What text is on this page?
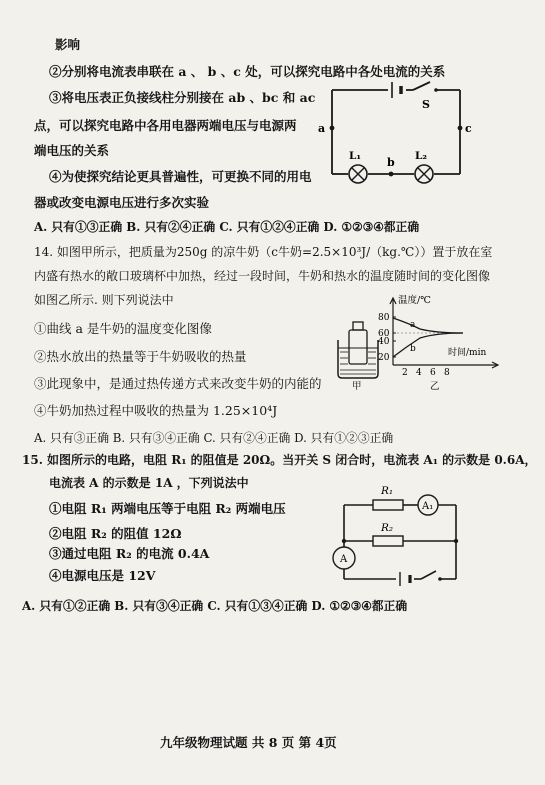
影响
②分别将电流表串联在 a 、 b 、c 处，可以探究电路中各处电流的关系
③将电压表正负接线柱分别接在 ab 、bc 和 ac
点，可以探究电路中各用电器两端电压与电源两
端电压的关系
④为使探究结论更具普遍性，可更换不同的用电
器或改变电源电压进行多次实验
A. 只有①③正确 B. 只有②④正确 C. 只有①②④正确 D. ①②③④都正确
14. 如图甲所示，把质量为250g 的凉牛奶（c牛奶=2.5×10³J/（kg.℃））置于放在室
内盛有热水的敞口玻璃杯中加热，经过一段时间，牛奶和热水的温度随时间的变化图像
如图乙所示. 则下列说法中
①曲线 a 是牛奶的温度变化图像
②热水放出的热量等于牛奶吸收的热量
③此现象中，是通过热传递方式来改变牛奶的内能的
④牛奶加热过程中吸收的热量为 1.25×10⁴J
A. 只有③正确 B. 只有③④正确 C. 只有②④正确 D. 只有①②③正确
15. 如图所示的电路，电阻 R₁ 的阻值是 20Ω。当开关 S 闭合时，电流表 A₁ 的示数是 0.6A，
电流表 A 的示数是 1A ，下列说法中
①电阻 R₁ 两端电压等于电阻 R₂ 两端电压
②电阻 R₂ 的阻值 12Ω
③通过电阻 R₂ 的电流 0.4A
④电源电压是 12V
A. 只有①②正确 B. 只有③④正确 C. 只有①③④正确 D. ①②③④都正确
九年级物理试题 共 8 页 第 4页
a	c
b
S
L₁	L₂
甲
温度/℃
80
60
40
20
a
b	时间/min
2 4 6 8
乙
A₁
A
R₁
R₂
